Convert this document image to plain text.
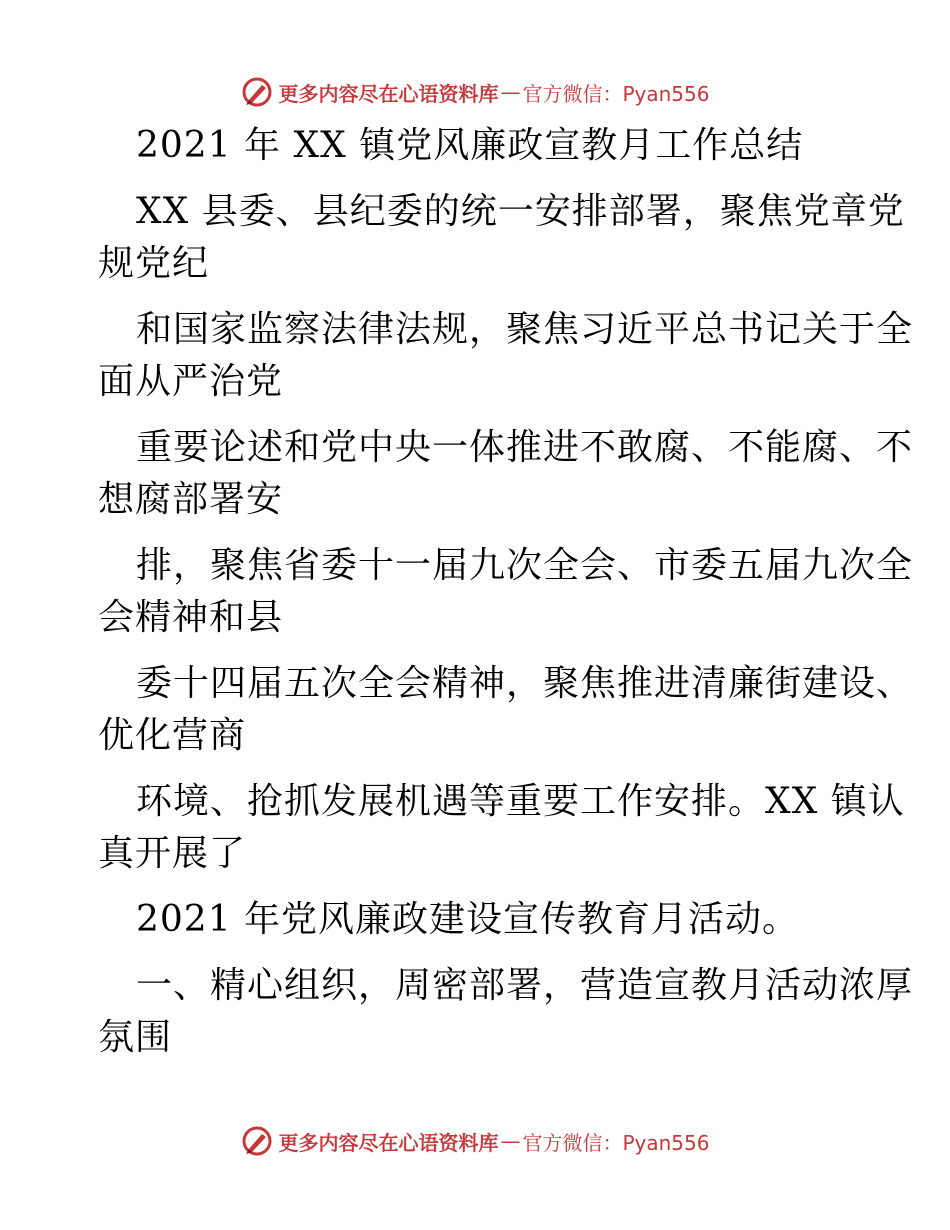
更多内容尽在心语资料库 — 官方微信：Pyan556
2021 年 XX 镇党风廉政宣教月工作总结
XX 县委、县纪委的统一安排部署，聚焦党章党
规党纪
和国家监察法律法规，聚焦习近平总书记关于全
面从严治党
重要论述和党中央一体推进不敢腐、不能腐、不
想腐部署安
排，聚焦省委十一届九次全会、市委五届九次全
会精神和县
委十四届五次全会精神，聚焦推进清廉街建设、
优化营商
环境、抢抓发展机遇等重要工作安排。XX 镇认
真开展了
2021 年党风廉政建设宣传教育月活动。
一、精心组织，周密部署，营造宣教月活动浓厚
氛围
更多内容尽在心语资料库 — 官方微信：Pyan556
